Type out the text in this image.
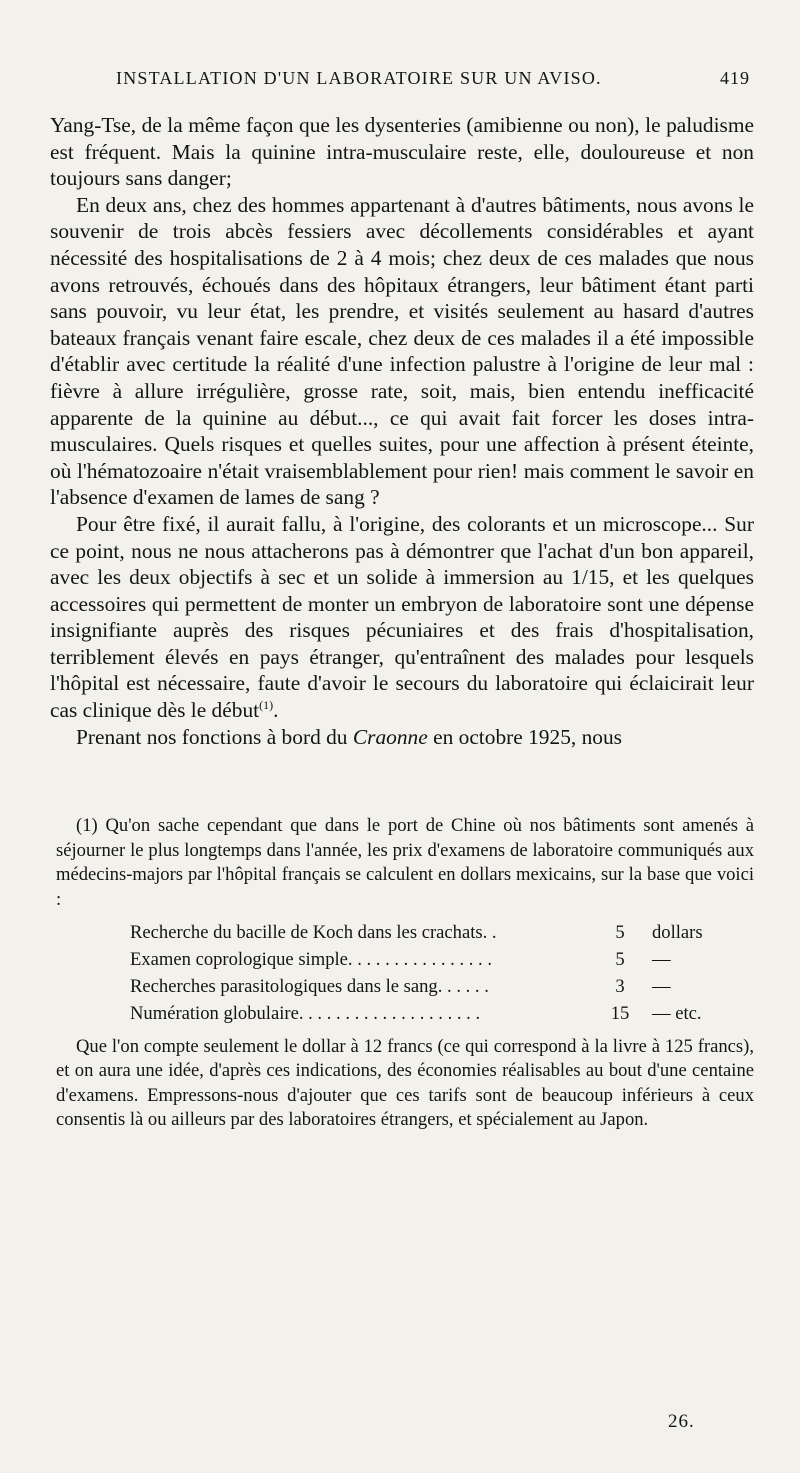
INSTALLATION D'UN LABORATOIRE SUR UN AVISO.	419

Yang-Tse, de la même façon que les dysenteries (amibienne ou non), le paludisme est fréquent. Mais la quinine intra-musculaire reste, elle, douloureuse et non toujours sans danger;

En deux ans, chez des hommes appartenant à d'autres bâtiments, nous avons le souvenir de trois abcès fessiers avec décollements considérables et ayant nécessité des hospitalisations de 2 à 4 mois; chez deux de ces malades que nous avons retrouvés, échoués dans des hôpitaux étrangers, leur bâtiment étant parti sans pouvoir, vu leur état, les prendre, et visités seulement au hasard d'autres bateaux français venant faire escale, chez deux de ces malades il a été impossible d'établir avec certitude la réalité d'une infection palustre à l'origine de leur mal : fièvre à allure irrégulière, grosse rate, soit, mais, bien entendu inefficacité apparente de la quinine au début..., ce qui avait fait forcer les doses intra-musculaires. Quels risques et quelles suites, pour une affection à présent éteinte, où l'hématozoaire n'était vraisemblablement pour rien! mais comment le savoir en l'absence d'examen de lames de sang ?

Pour être fixé, il aurait fallu, à l'origine, des colorants et un microscope... Sur ce point, nous ne nous attacherons pas à démontrer que l'achat d'un bon appareil, avec les deux objectifs à sec et un solide à immersion au 1/15, et les quelques accessoires qui permettent de monter un embryon de laboratoire sont une dépense insignifiante auprès des risques pécuniaires et des frais d'hospitalisation, terriblement élevés en pays étranger, qu'entraînent des malades pour lesquels l'hôpital est nécessaire, faute d'avoir le secours du laboratoire qui éclaicirait leur cas clinique dès le début$^{(1)}$.

Prenant nos fonctions à bord du Craonne en octobre 1925, nous

(1) Qu'on sache cependant que dans le port de Chine où nos bâtiments sont amenés à séjourner le plus longtemps dans l'année, les prix d'examens de laboratoire communiqués aux médecins-majors par l'hôpital français se calculent en dollars mexicains, sur la base que voici :

Recherche du bacille de Koch dans les crachats. .	5	dollars
Examen coprologique simple. . . . . . . . . . . . . . . .	5	—
Recherches parasitologiques dans le sang. . . . . .	3	—
Numération globulaire. . . . . . . . . . . . . . . . . . . .	15	— etc.

Que l'on compte seulement le dollar à 12 francs (ce qui correspond à la livre à 125 francs), et on aura une idée, d'après ces indications, des économies réalisables au bout d'une centaine d'examens. Empressons-nous d'ajouter que ces tarifs sont de beaucoup inférieurs à ceux consentis là ou ailleurs par des laboratoires étrangers, et spécialement au Japon.

26.
